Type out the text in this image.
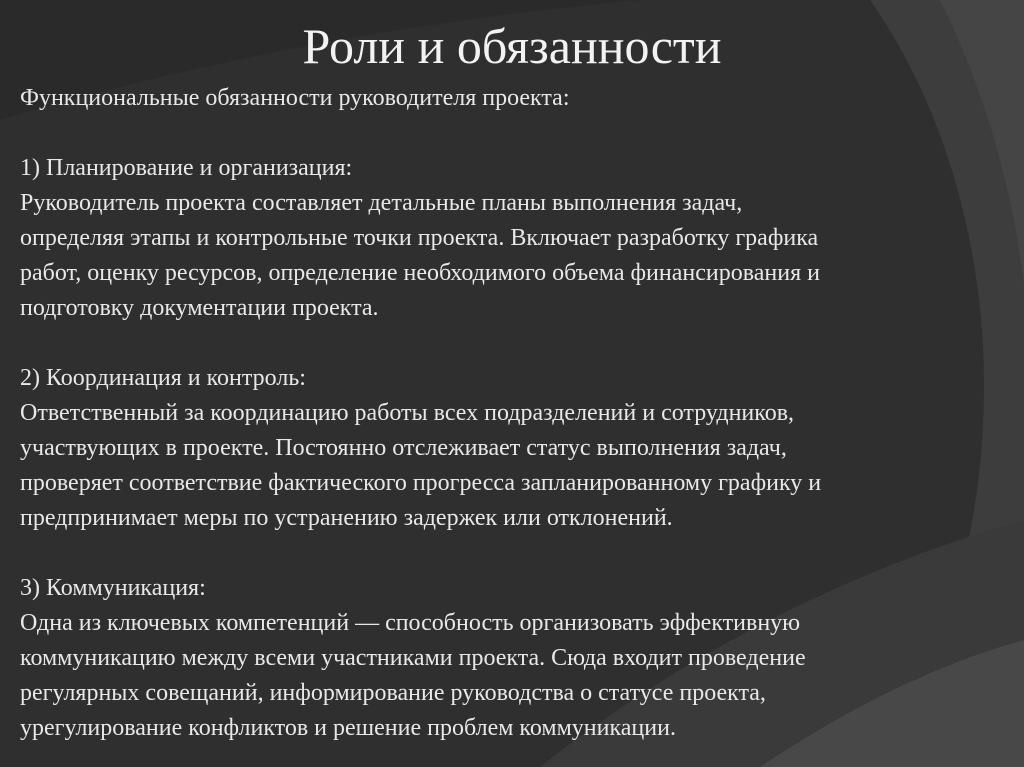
Роли и обязанности

Функциональные обязанности руководителя проекта:

1) Планирование и организация:

Руководитель проекта составляет детальные планы выполнения задач,
определяя этапы и контрольные точки проекта. Включает разработку графика
работ, оценку ресурсов, определение необходимого объема финансирования и
подготовку документации проекта.

2) Координация и контроль:

Ответственный за координацию работы всех подразделений и сотрудников,
участвующих в проекте. Постоянно отслеживает статус выполнения задач,
проверяет соответствие фактического прогресса запланированному графику и
предпринимает меры по устранению задержек или отклонений.

3) Коммуникация:

Одна из ключевых компетенций — способность организовать эффективную
коммуникацию между всеми участниками проекта. Сюда входит проведение
регулярных совещаний, информирование руководства о статусе проекта,
урегулирование конфликтов и решение проблем коммуникации.
